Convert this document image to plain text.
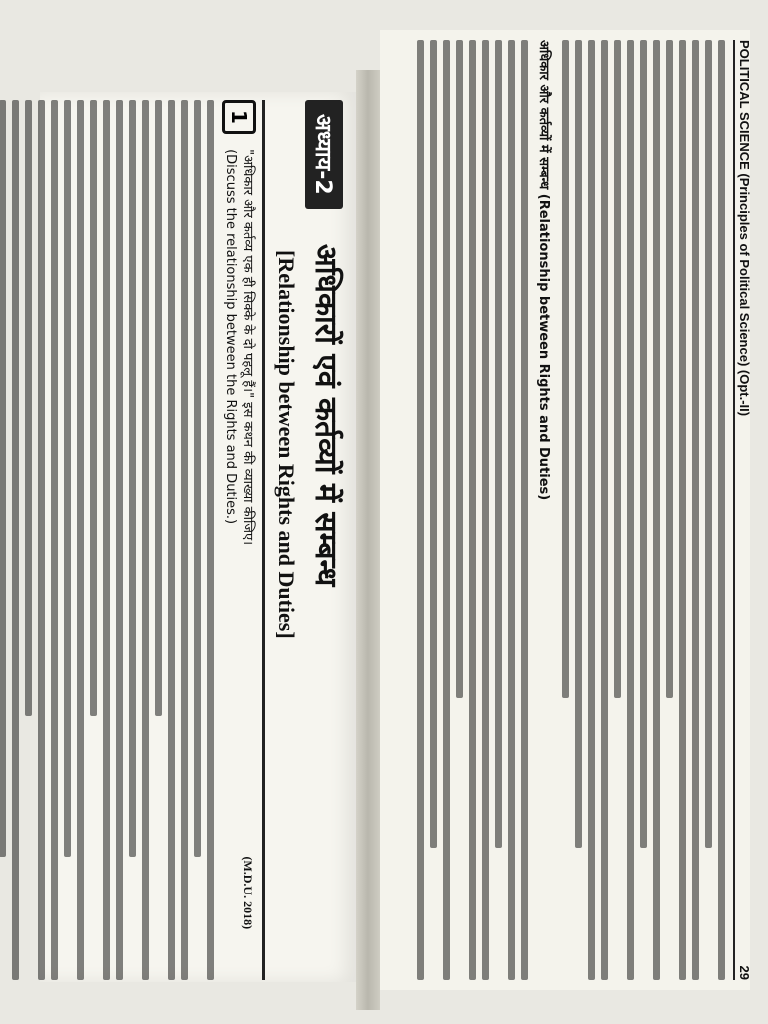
अध्याय-2 अधिकारों एवं कर्तव्यों में सम्बन्ध
[Relationship between Rights and Duties]
1 "अधिकार और कर्तव्य एक ही सिक्के के दो पहलू हैं।" इस कथन की व्याख्या कीजिए।
(M.D.U. 2018)

(Discuss the relationship between the Rights and Duties.)	POLITICAL SCIENCE (Principles of Political Science) (Opt.-II)
29
अधिकार और कर्तव्यों में सम्बन्ध (Relationship between Rights and Duties)
